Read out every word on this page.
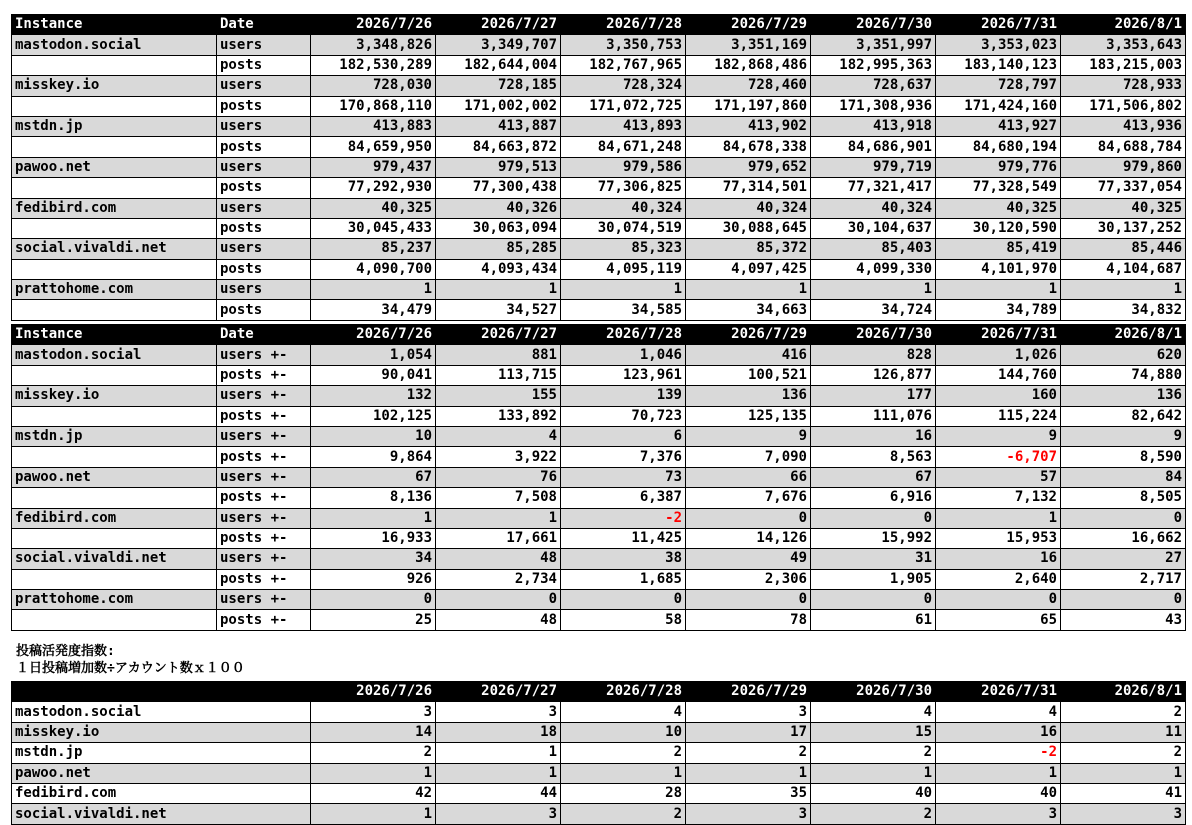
Instance	Date	2026/7/26	2026/7/27	2026/7/28	2026/7/29	2026/7/30	2026/7/31	2026/8/1
mastodon.social	users	3,348,826	3,349,707	3,350,753	3,351,169	3,351,997	3,353,023	3,353,643
	posts	182,530,289	182,644,004	182,767,965	182,868,486	182,995,363	183,140,123	183,215,003
misskey.io	users	728,030	728,185	728,324	728,460	728,637	728,797	728,933
	posts	170,868,110	171,002,002	171,072,725	171,197,860	171,308,936	171,424,160	171,506,802
mstdn.jp	users	413,883	413,887	413,893	413,902	413,918	413,927	413,936
	posts	84,659,950	84,663,872	84,671,248	84,678,338	84,686,901	84,680,194	84,688,784
pawoo.net	users	979,437	979,513	979,586	979,652	979,719	979,776	979,860
	posts	77,292,930	77,300,438	77,306,825	77,314,501	77,321,417	77,328,549	77,337,054
fedibird.com	users	40,325	40,326	40,324	40,324	40,324	40,325	40,325
	posts	30,045,433	30,063,094	30,074,519	30,088,645	30,104,637	30,120,590	30,137,252
social.vivaldi.net	users	85,237	85,285	85,323	85,372	85,403	85,419	85,446
	posts	4,090,700	4,093,434	4,095,119	4,097,425	4,099,330	4,101,970	4,104,687
prattohome.com	users	1	1	1	1	1	1	1
	posts	34,479	34,527	34,585	34,663	34,724	34,789	34,832
Instance	Date	2026/7/26	2026/7/27	2026/7/28	2026/7/29	2026/7/30	2026/7/31	2026/8/1
mastodon.social	users +-	1,054	881	1,046	416	828	1,026	620
	posts +-	90,041	113,715	123,961	100,521	126,877	144,760	74,880
misskey.io	users +-	132	155	139	136	177	160	136
	posts +-	102,125	133,892	70,723	125,135	111,076	115,224	82,642
mstdn.jp	users +-	10	4	6	9	16	9	9
	posts +-	9,864	3,922	7,376	7,090	8,563	-6,707	8,590
pawoo.net	users +-	67	76	73	66	67	57	84
	posts +-	8,136	7,508	6,387	7,676	6,916	7,132	8,505
fedibird.com	users +-	1	1	-2	0	0	1	0
	posts +-	16,933	17,661	11,425	14,126	15,992	15,953	16,662
social.vivaldi.net	users +-	34	48	38	49	31	16	27
	posts +-	926	2,734	1,685	2,306	1,905	2,640	2,717
prattohome.com	users +-	0	0	0	0	0	0	0
	posts +-	25	48	58	78	61	65	43
投稿活発度指数:
１日投稿増加数÷アカウント数ｘ１００
	2026/7/26	2026/7/27	2026/7/28	2026/7/29	2026/7/30	2026/7/31	2026/8/1
mastodon.social	3	3	4	3	4	4	2
misskey.io	14	18	10	17	15	16	11
mstdn.jp	2	1	2	2	2	-2	2
pawoo.net	1	1	1	1	1	1	1
fedibird.com	42	44	28	35	40	40	41
social.vivaldi.net	1	3	2	3	2	3	3
